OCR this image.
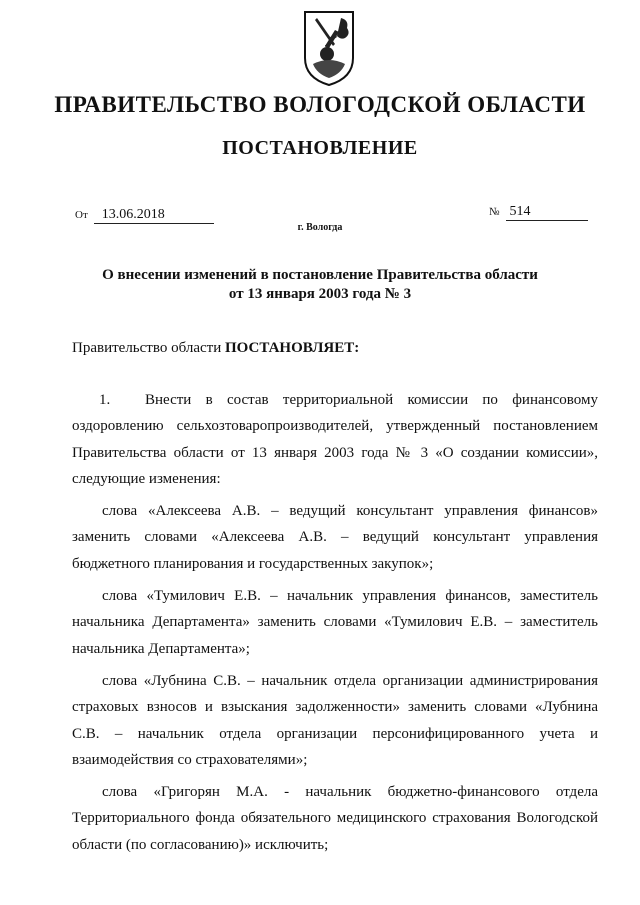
ПРАВИТЕЛЬСТВО ВОЛОГОДСКОЙ ОБЛАСТИ
ПОСТАНОВЛЕНИЕ
От 13.06.2018	№ 514
г. Вологда
О внесении изменений в постановление Правительства области
от 13 января 2003 года № 3
Правительство области ПОСТАНОВЛЯЕТ:

1. Внести в состав территориальной комиссии по финансовому оздоровлению сельхозтоваропроизводителей, утвержденный постановлением Правительства области от 13 января 2003 года № 3 «О создании комиссии», следующие изменения:

слова «Алексеева А.В. – ведущий консультант управления финансов» заменить словами «Алексеева А.В. – ведущий консультант управления бюджетного планирования и государственных закупок»;

слова «Тумилович Е.В. – начальник управления финансов, заместитель начальника Департамента» заменить словами «Тумилович Е.В. – заместитель начальника Департамента»;

слова «Лубнина С.В. – начальник отдела организации администрирования страховых взносов и взыскания задолженности» заменить словами «Лубнина С.В. – начальник отдела организации персонифицированного учета и взаимодействия со страхователями»;

слова «Григорян М.А. - начальник бюджетно-финансового отдела Территориального фонда обязательного медицинского страхования Вологодской области (по согласованию)» исключить;
